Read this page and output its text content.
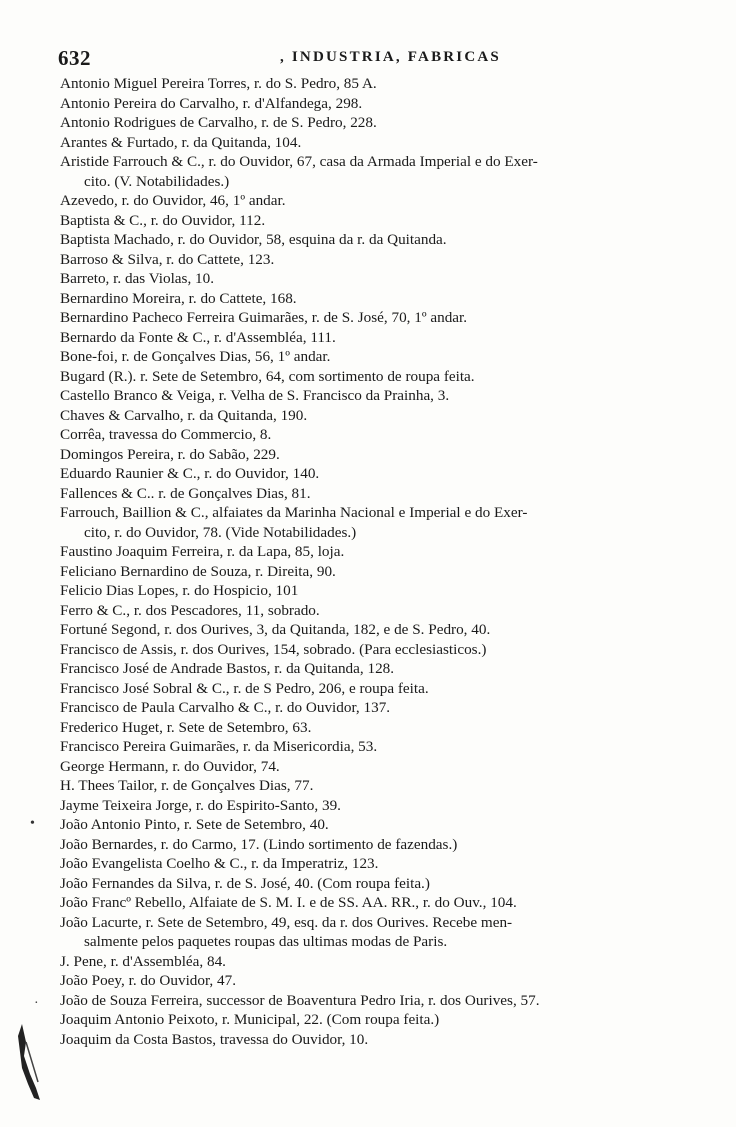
632	, INDUSTRIA, FABRICAS

Antonio Miguel Pereira Torres, r. do S. Pedro, 85 A.

Antonio Pereira do Carvalho, r. d'Alfandega, 298.

Antonio Rodrigues de Carvalho, r. de S. Pedro, 228.

Arantes & Furtado, r. da Quitanda, 104.

Aristide Farrouch & C., r. do Ouvidor, 67, casa da Armada Imperial e do Exer-
cito. (V. Notabilidades.)

Azevedo, r. do Ouvidor, 46, 1º andar.

Baptista & C., r. do Ouvidor, 112.

Baptista Machado, r. do Ouvidor, 58, esquina da r. da Quitanda.

Barroso & Silva, r. do Cattete, 123.

Barreto, r. das Violas, 10.

Bernardino Moreira, r. do Cattete, 168.

Bernardino Pacheco Ferreira Guimarães, r. de S. José, 70, 1º andar.

Bernardo da Fonte & C., r. d'Assembléa, 111.

Bone-foi, r. de Gonçalves Dias, 56, 1º andar.

Bugard (R.). r. Sete de Setembro, 64, com sortimento de roupa feita.

Castello Branco & Veiga, r. Velha de S. Francisco da Prainha, 3.

Chaves & Carvalho, r. da Quitanda, 190.

Corrêa, travessa do Commercio, 8.

Domingos Pereira, r. do Sabão, 229.

Eduardo Raunier & C., r. do Ouvidor, 140.

Fallences & C.. r. de Gonçalves Dias, 81.

Farrouch, Baillion & C., alfaiates da Marinha Nacional e Imperial e do Exer-
cito, r. do Ouvidor, 78. (Vide Notabilidades.)

Faustino Joaquim Ferreira, r. da Lapa, 85, loja.

Feliciano Bernardino de Souza, r. Direita, 90.

Felicio Dias Lopes, r. do Hospicio, 101

Ferro & C., r. dos Pescadores, 11, sobrado.

Fortuné Segond, r. dos Ourives, 3, da Quitanda, 182, e de S. Pedro, 40.

Francisco de Assis, r. dos Ourives, 154, sobrado. (Para ecclesiasticos.)

Francisco José de Andrade Bastos, r. da Quitanda, 128.

Francisco José Sobral & C., r. de S Pedro, 206, e roupa feita.

Francisco de Paula Carvalho & C., r. do Ouvidor, 137.

Frederico Huget, r. Sete de Setembro, 63.

Francisco Pereira Guimarães, r. da Misericordia, 53.

George Hermann, r. do Ouvidor, 74.

H. Thees Tailor, r. de Gonçalves Dias, 77.

Jayme Teixeira Jorge, r. do Espirito-Santo, 39.

João Antonio Pinto, r. Sete de Setembro, 40.

João Bernardes, r. do Carmo, 17. (Lindo sortimento de fazendas.)

João Evangelista Coelho & C., r. da Imperatriz, 123.

João Fernandes da Silva, r. de S. José, 40. (Com roupa feita.)

João Francº Rebello, Alfaiate de S. M. I. e de SS. AA. RR., r. do Ouv., 104.

João Lacurte, r. Sete de Setembro, 49, esq. da r. dos Ourives. Recebe men-
salmente pelos paquetes roupas das ultimas modas de Paris.

J. Pene, r. d'Assembléa, 84.

João Poey, r. do Ouvidor, 47.

João de Souza Ferreira, successor de Boaventura Pedro Iria, r. dos Ourives, 57.

Joaquim Antonio Peixoto, r. Municipal, 22. (Com roupa feita.)

Joaquim da Costa Bastos, travessa do Ouvidor, 10.

•
·
